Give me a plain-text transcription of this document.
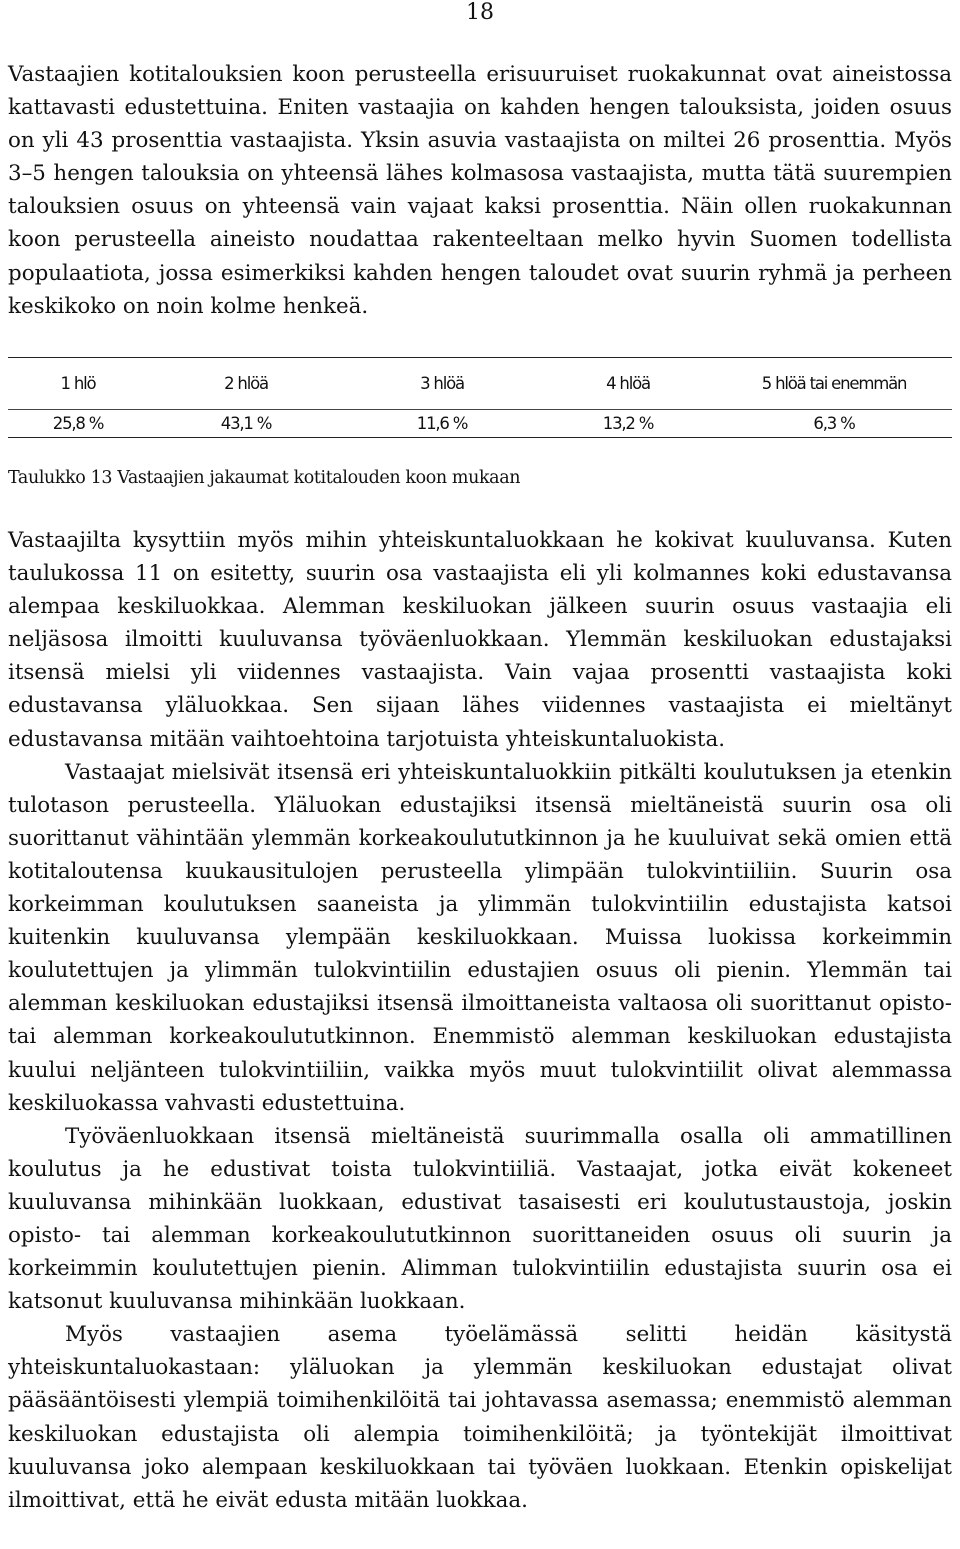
18

Vastaajien kotitalouksien koon perusteella erisuuruiset ruokakunnat ovat aineistossa kattavasti edustettuina. Eniten vastaajia on kahden hengen talouksista, joiden osuus on yli 43 prosenttia vastaajista. Yksin asuvia vastaajista on miltei 26 prosenttia. Myös 3–5 hengen talouksia on yhteensä lähes kolmasosa vastaajista, mutta tätä suurempien talouksien osuus on yhteensä vain vajaat kaksi prosenttia. Näin ollen ruokakunnan koon perusteella aineisto noudattaa rakenteeltaan melko hyvin Suomen todellista populaatiota, jossa esimerkiksi kahden hengen taloudet ovat suurin ryhmä ja perheen keskikoko on noin kolme henkeä.

1 hlö	2 hlöä	3 hlöä	4 hlöä	5 hlöä tai enemmän
25,8 %	43,1 %	11,6 %	13,2 %	6,3 %
Taulukko 13 Vastaajien jakaumat kotitalouden koon mukaan

Vastaajilta kysyttiin myös mihin yhteiskuntaluokkaan he kokivat kuuluvansa. Kuten taulukossa 11 on esitetty, suurin osa vastaajista eli yli kolmannes koki edustavansa alempaa keskiluokkaa. Alemman keskiluokan jälkeen suurin osuus vastaajia eli neljäsosa ilmoitti kuuluvansa työväenluokkaan. Ylemmän keskiluokan edustajaksi itsensä mielsi yli viidennes vastaajista. Vain vajaa prosentti vastaajista koki edustavansa yläluokkaa. Sen sijaan lähes viidennes vastaajista ei mieltänyt edustavansa mitään vaihtoehtoina tarjotuista yhteiskuntaluokista.

Vastaajat mielsivät itsensä eri yhteiskuntaluokkiin pitkälti koulutuksen ja etenkin tulotason perusteella. Yläluokan edustajiksi itsensä mieltäneistä suurin osa oli suorittanut vähintään ylemmän korkeakoulututkinnon ja he kuuluivat sekä omien että kotitaloutensa kuukausitulojen perusteella ylimpään tulokvintiiliin. Suurin osa korkeimman koulutuksen saaneista ja ylimmän tulokvintiilin edustajista katsoi kuitenkin kuuluvansa ylempään keskiluokkaan. Muissa luokissa korkeimmin koulutettujen ja ylimmän tulokvintiilin edustajien osuus oli pienin. Ylemmän tai alemman keskiluokan edustajiksi itsensä ilmoittaneista valtaosa oli suorittanut opisto- tai alemman korkeakoulututkinnon. Enemmistö alemman keskiluokan edustajista kuului neljänteen tulokvintiiliin, vaikka myös muut tulokvintiilit olivat alemmassa keskiluokassa vahvasti edustettuina.

Työväenluokkaan itsensä mieltäneistä suurimmalla osalla oli ammatillinen koulutus ja he edustivat toista tulokvintiiliä. Vastaajat, jotka eivät kokeneet kuuluvansa mihinkään luokkaan, edustivat tasaisesti eri koulutustaustoja, joskin opisto- tai alemman korkeakoulututkinnon suorittaneiden osuus oli suurin ja korkeimmin koulutettujen pienin. Alimman tulokvintiilin edustajista suurin osa ei katsonut kuuluvansa mihinkään luokkaan.

Myös vastaajien asema työelämässä selitti heidän käsitystä yhteiskuntaluokastaan: yläluokan ja ylemmän keskiluokan edustajat olivat pääsääntöisesti ylempiä toimihenkilöitä tai johtavassa asemassa; enemmistö alemman keskiluokan edustajista oli alempia toimihenkilöitä; ja työntekijät ilmoittivat kuuluvansa joko alempaan keskiluokkaan tai työväen luokkaan. Etenkin opiskelijat ilmoittivat, että he eivät edusta mitään luokkaa.
